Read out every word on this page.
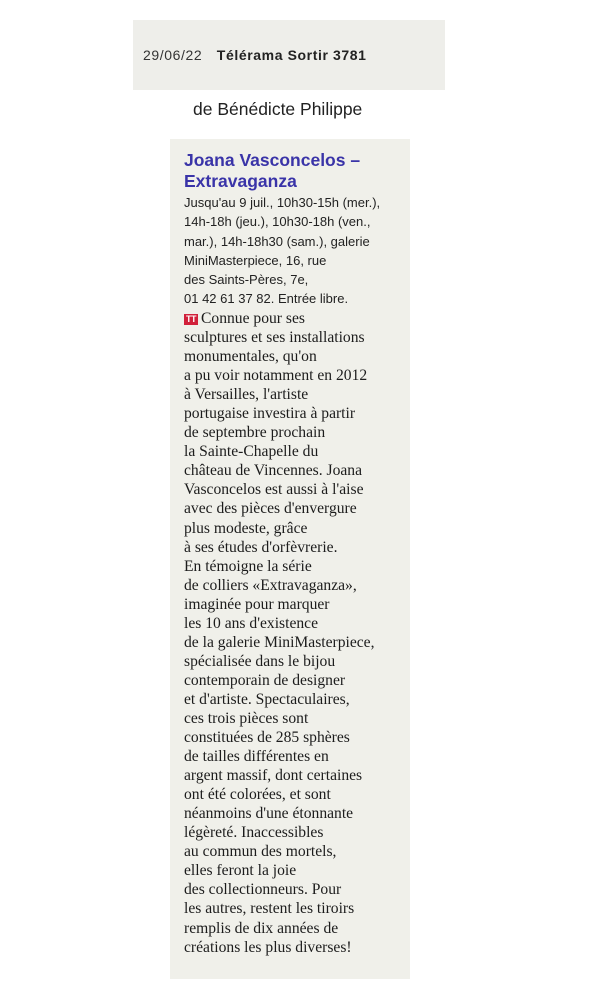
29/06/22 Télérama Sortir 3781
de Bénédicte Philippe
Joana Vasconcelos –
Extravaganza
Jusqu'au 9 juil., 10h30-15h (mer.),
14h-18h (jeu.), 10h30-18h (ven.,
mar.), 14h-18h30 (sam.), galerie
MiniMasterpiece, 16, rue
des Saints-Pères, 7e,
01 42 61 37 82. Entrée libre.
TT Connue pour ses
sculptures et ses installations
monumentales, qu'on
a pu voir notamment en 2012
à Versailles, l'artiste
portugaise investira à partir
de septembre prochain
la Sainte-Chapelle du
château de Vincennes. Joana
Vasconcelos est aussi à l'aise
avec des pièces d'envergure
plus modeste, grâce
à ses études d'orfèvrerie.
En témoigne la série
de colliers «Extravaganza»,
imaginée pour marquer
les 10 ans d'existence
de la galerie MiniMasterpiece,
spécialisée dans le bijou
contemporain de designer
et d'artiste. Spectaculaires,
ces trois pièces sont
constituées de 285 sphères
de tailles différentes en
argent massif, dont certaines
ont été colorées, et sont
néanmoins d'une étonnante
légèreté. Inaccessibles
au commun des mortels,
elles feront la joie
des collectionneurs. Pour
les autres, restent les tiroirs
remplis de dix années de
créations les plus diverses!
